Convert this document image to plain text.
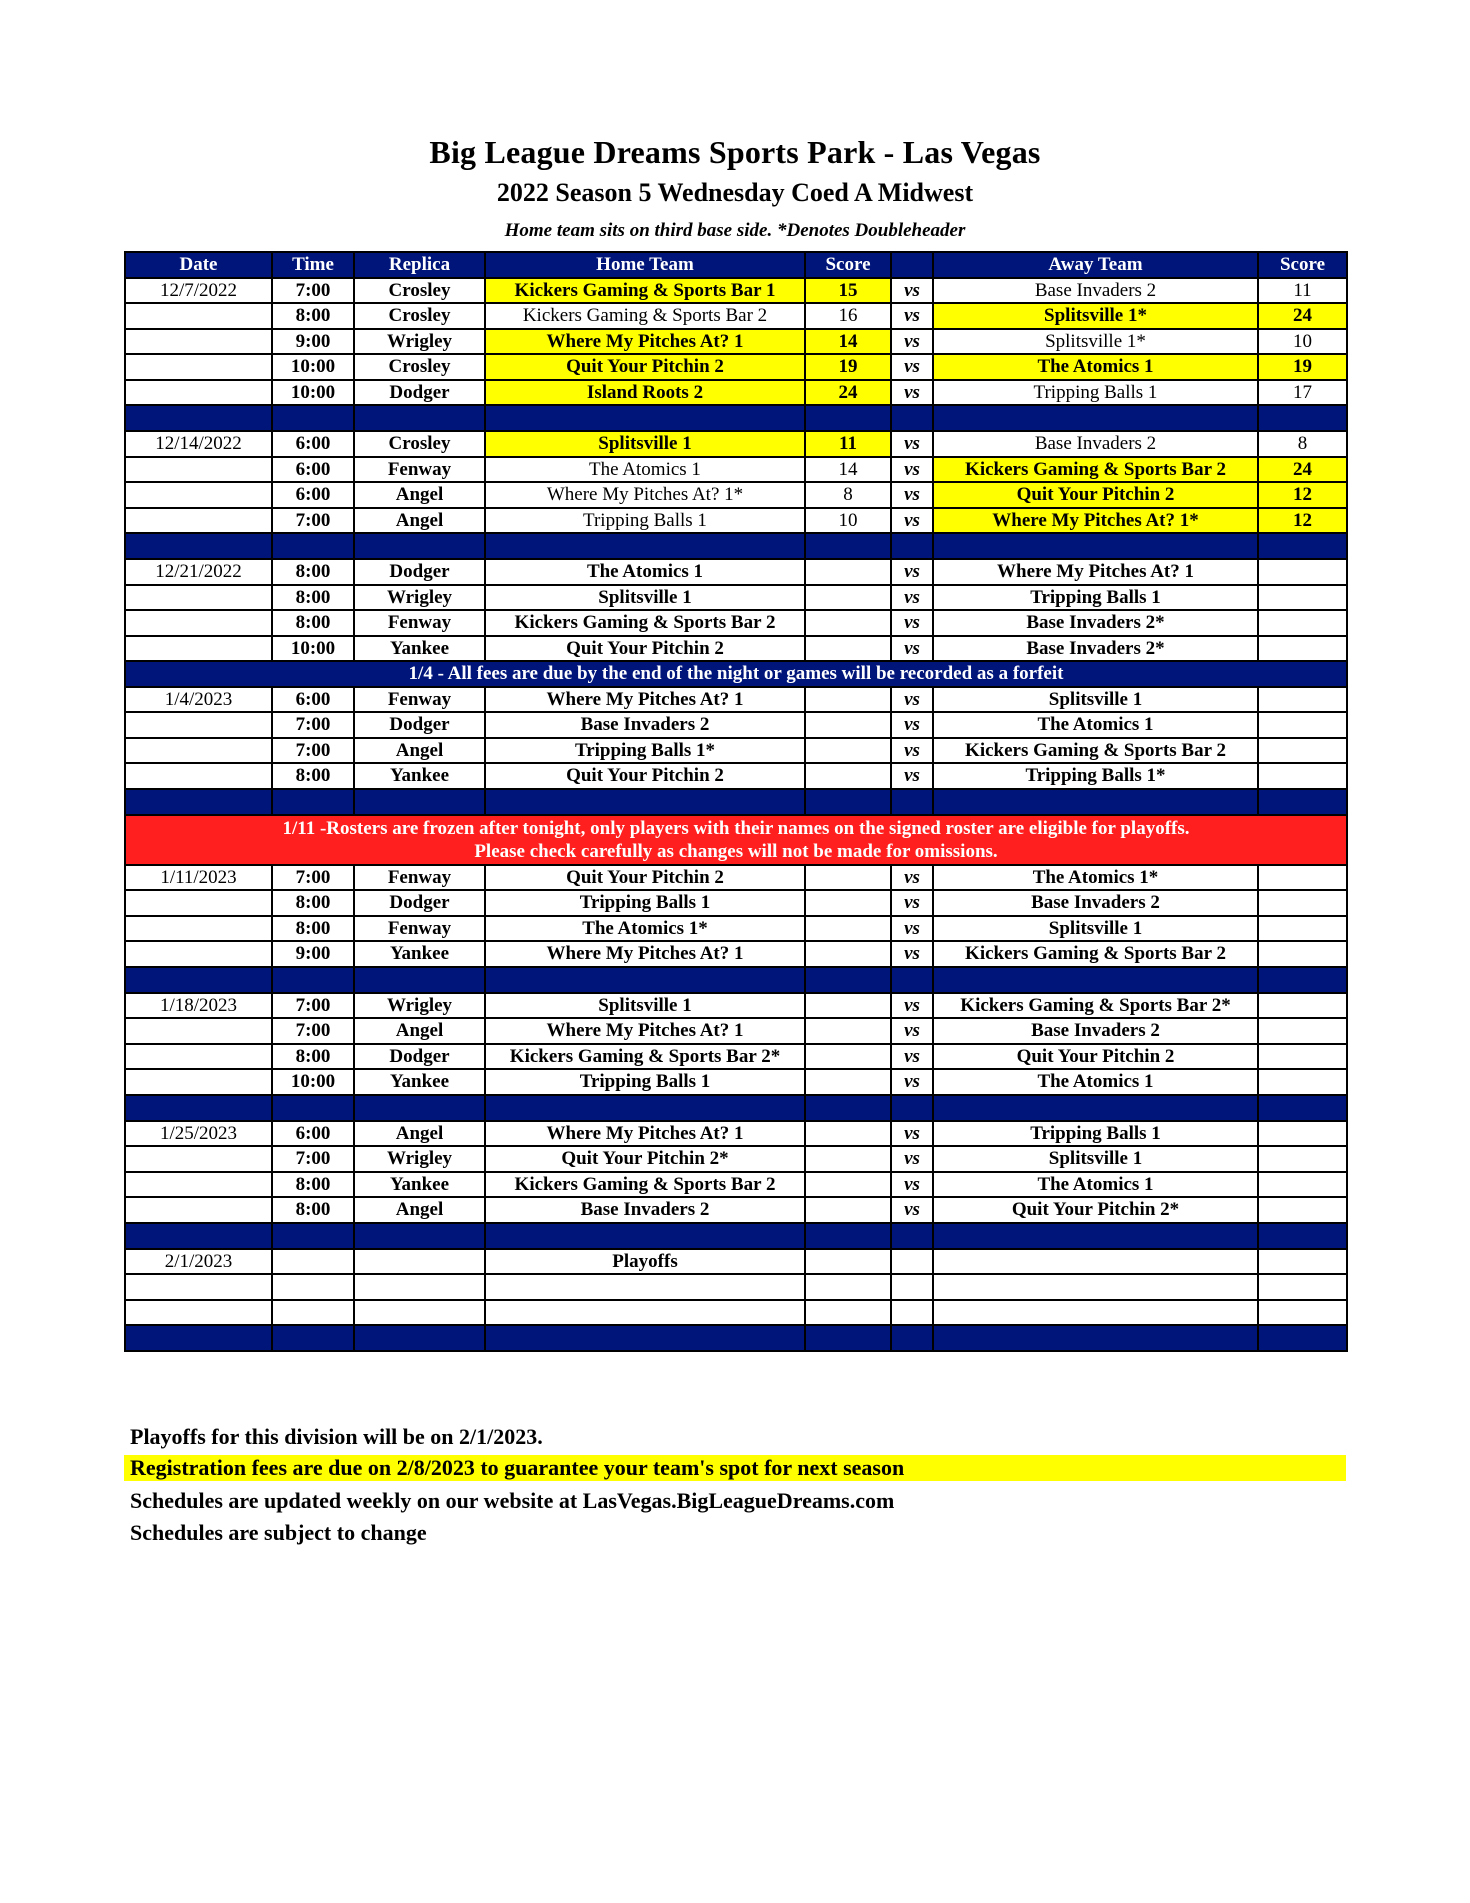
Big League Dreams Sports Park - Las Vegas
2022 Season 5 Wednesday Coed A Midwest
Home team sits on third base side. *Denotes Doubleheader
Date	Time	Replica	Home Team	Score		Away Team	Score
12/7/2022	7:00	Crosley	Kickers Gaming & Sports Bar 1	15	vs	Base Invaders 2	11
	8:00	Crosley	Kickers Gaming & Sports Bar 2	16	vs	Splitsville 1*	24
	9:00	Wrigley	Where My Pitches At? 1	14	vs	Splitsville 1*	10
	10:00	Crosley	Quit Your Pitchin 2	19	vs	The Atomics 1	19
	10:00	Dodger	Island Roots 2	24	vs	Tripping Balls 1	17

12/14/2022	6:00	Crosley	Splitsville 1	11	vs	Base Invaders 2	8
	6:00	Fenway	The Atomics 1	14	vs	Kickers Gaming & Sports Bar 2	24
	6:00	Angel	Where My Pitches At? 1*	8	vs	Quit Your Pitchin 2	12
	7:00	Angel	Tripping Balls 1	10	vs	Where My Pitches At? 1*	12

12/21/2022	8:00	Dodger	The Atomics 1		vs	Where My Pitches At? 1	
	8:00	Wrigley	Splitsville 1		vs	Tripping Balls 1	
	8:00	Fenway	Kickers Gaming & Sports Bar 2		vs	Base Invaders 2*	
	10:00	Yankee	Quit Your Pitchin 2		vs	Base Invaders 2*	
1/4 - All fees are due by the end of the night or games will be recorded as a forfeit							
1/4/2023	6:00	Fenway	Where My Pitches At? 1		vs	Splitsville 1	
	7:00	Dodger	Base Invaders 2		vs	The Atomics 1	
	7:00	Angel	Tripping Balls 1*		vs	Kickers Gaming & Sports Bar 2	
	8:00	Yankee	Quit Your Pitchin 2		vs	Tripping Balls 1*	

1/11 -Rosters are frozen after tonight, only players with their names on the signed roster are eligible for playoffs.
Please check carefully as changes will not be made for omissions.							

1/11/2023	7:00	Fenway	Quit Your Pitchin 2		vs	The Atomics 1*	
	8:00	Dodger	Tripping Balls 1		vs	Base Invaders 2	
	8:00	Fenway	The Atomics 1*		vs	Splitsville 1	
	9:00	Yankee	Where My Pitches At? 1		vs	Kickers Gaming & Sports Bar 2	

1/18/2023	7:00	Wrigley	Splitsville 1		vs	Kickers Gaming & Sports Bar 2*	
	7:00	Angel	Where My Pitches At? 1		vs	Base Invaders 2	
	8:00	Dodger	Kickers Gaming & Sports Bar 2*		vs	Quit Your Pitchin 2	
	10:00	Yankee	Tripping Balls 1		vs	The Atomics 1	

1/25/2023	6:00	Angel	Where My Pitches At? 1		vs	Tripping Balls 1	
	7:00	Wrigley	Quit Your Pitchin 2*		vs	Splitsville 1	
	8:00	Yankee	Kickers Gaming & Sports Bar 2		vs	The Atomics 1	
	8:00	Angel	Base Invaders 2		vs	Quit Your Pitchin 2*	

2/1/2023			Playoffs				

Playoffs for this division will be on 2/1/2023.
Registration fees are due on 2/8/2023 to guarantee your team's spot for next season
Schedules are updated weekly on our website at LasVegas.BigLeagueDreams.com
Schedules are subject to change
